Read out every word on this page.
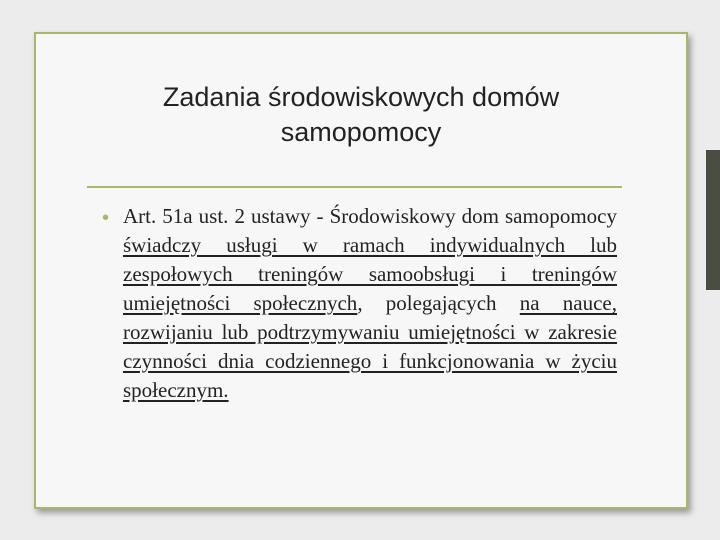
Zadania środowiskowych domów
samopomocy
• Art. 51a ust. 2 ustawy - Środowiskowy dom samopomocy świadczy usługi w ramach indywidualnych lub zespołowych treningów samoobsługi i treningów umiejętności społecznych, polegających na nauce, rozwijaniu lub podtrzymywaniu umiejętności w zakresie czynności dnia codziennego i funkcjonowania w życiu społecznym.
